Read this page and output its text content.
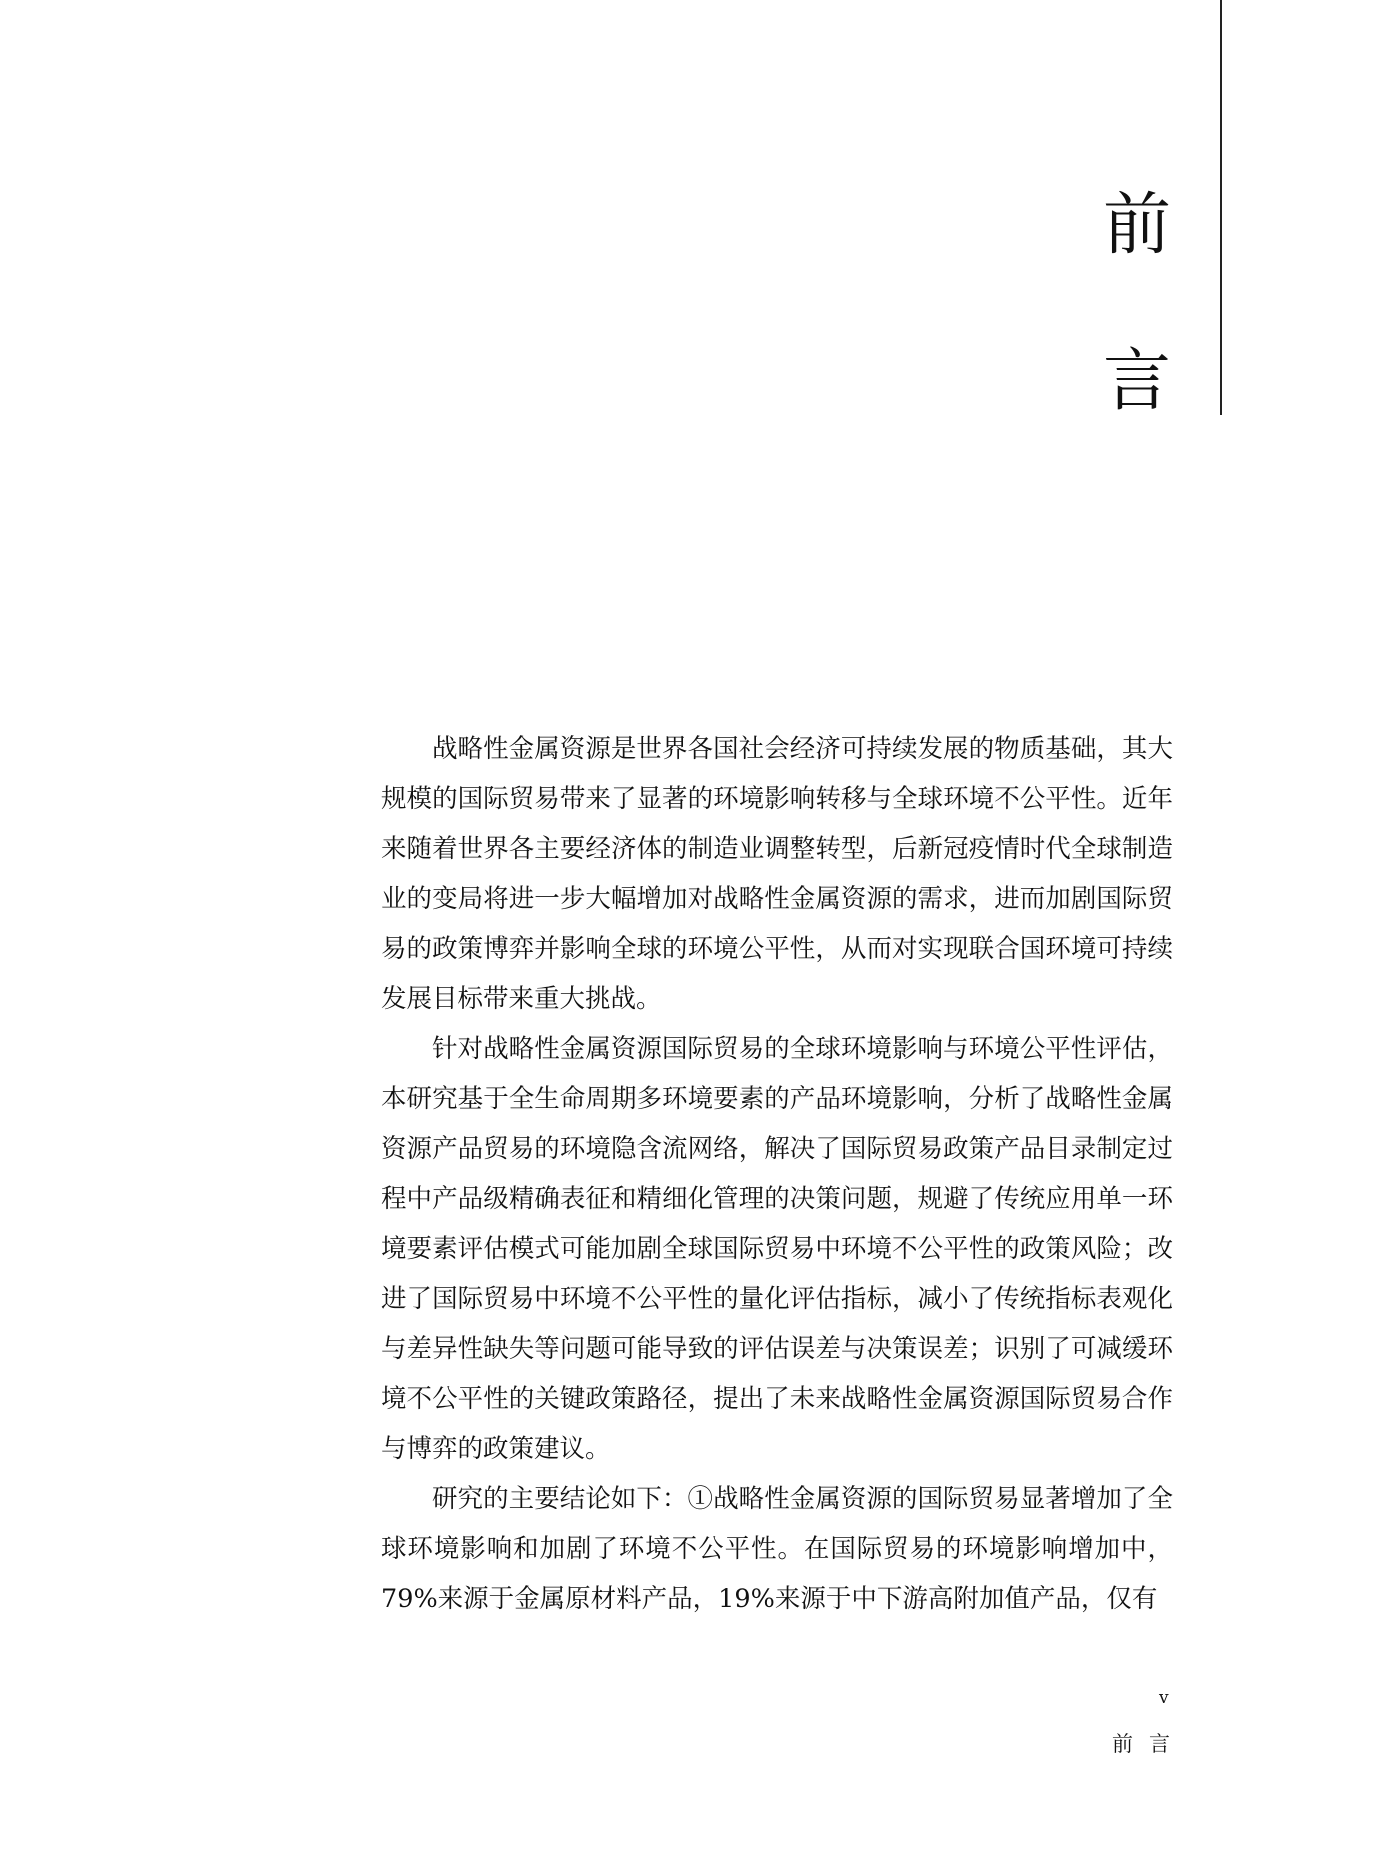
前
言

战略性金属资源是世界各国社会经济可持续发展的物质基础，其大规模的国际贸易带来了显著的环境影响转移与全球环境不公平性。近年来随着世界各主要经济体的制造业调整转型，后新冠疫情时代全球制造业的变局将进一步大幅增加对战略性金属资源的需求，进而加剧国际贸易的政策博弈并影响全球的环境公平性，从而对实现联合国环境可持续发展目标带来重大挑战。

针对战略性金属资源国际贸易的全球环境影响与环境公平性评估，本研究基于全生命周期多环境要素的产品环境影响，分析了战略性金属资源产品贸易的环境隐含流网络，解决了国际贸易政策产品目录制定过程中产品级精确表征和精细化管理的决策问题，规避了传统应用单一环境要素评估模式可能加剧全球国际贸易中环境不公平性的政策风险；改进了国际贸易中环境不公平性的量化评估指标，减小了传统指标表观化与差异性缺失等问题可能导致的评估误差与决策误差；识别了可减缓环境不公平性的关键政策路径，提出了未来战略性金属资源国际贸易合作与博弈的政策建议。

研究的主要结论如下：①战略性金属资源的国际贸易显著增加了全球环境影响和加剧了环境不公平性。在国际贸易的环境影响增加中，79%来源于金属原材料产品，19%来源于中下游高附加值产品，仅有

v
前言
